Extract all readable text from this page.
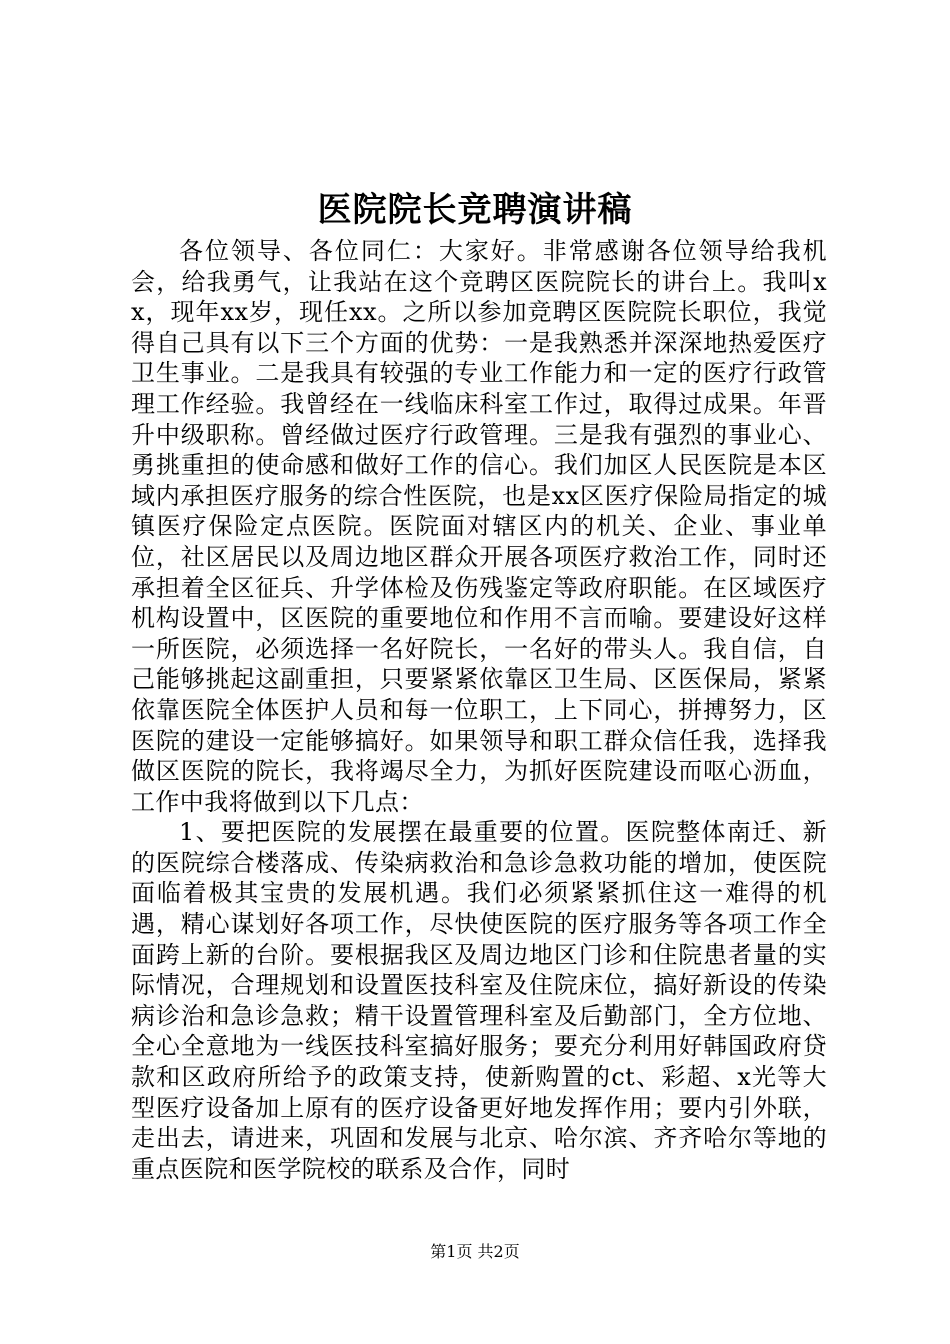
医院院长竞聘演讲稿

各位领导、各位同仁：大家好。非常感谢各位领导给我机会，给我勇气，让我站在这个竞聘区医院院长的讲台上。我叫xx，现年xx岁，现任xx。之所以参加竞聘区医院院长职位，我觉得自己具有以下三个方面的优势：一是我熟悉并深深地热爱医疗卫生事业。二是我具有较强的专业工作能力和一定的医疗行政管理工作经验。我曾经在一线临床科室工作过，取得过成果。年晋升中级职称。曾经做过医疗行政管理。三是我有强烈的事业心、勇挑重担的使命感和做好工作的信心。我们加区人民医院是本区域内承担医疗服务的综合性医院，也是xx区医疗保险局指定的城镇医疗保险定点医院。医院面对辖区内的机关、企业、事业单位，社区居民以及周边地区群众开展各项医疗救治工作，同时还承担着全区征兵、升学体检及伤残鉴定等政府职能。在区域医疗机构设置中，区医院的重要地位和作用不言而喻。要建设好这样一所医院，必须选择一名好院长，一名好的带头人。我自信，自己能够挑起这副重担，只要紧紧依靠区卫生局、区医保局，紧紧依靠医院全体医护人员和每一位职工，上下同心，拼搏努力，区医院的建设一定能够搞好。如果领导和职工群众信任我，选择我做区医院的院长，我将竭尽全力，为抓好医院建设而呕心沥血，工作中我将做到以下几点：

1、要把医院的发展摆在最重要的位置。医院整体南迁、新的医院综合楼落成、传染病救治和急诊急救功能的增加，使医院面临着极其宝贵的发展机遇。我们必须紧紧抓住这一难得的机遇，精心谋划好各项工作，尽快使医院的医疗服务等各项工作全面跨上新的台阶。要根据我区及周边地区门诊和住院患者量的实际情况，合理规划和设置医技科室及住院床位，搞好新设的传染病诊治和急诊急救；精干设置管理科室及后勤部门，全方位地、全心全意地为一线医技科室搞好服务；要充分利用好韩国政府贷款和区政府所给予的政策支持，使新购置的ct、彩超、x光等大型医疗设备加上原有的医疗设备更好地发挥作用；要内引外联，走出去，请进来，巩固和发展与北京、哈尔滨、齐齐哈尔等地的重点医院和医学院校的联系及合作，同时

第1页 共2页
